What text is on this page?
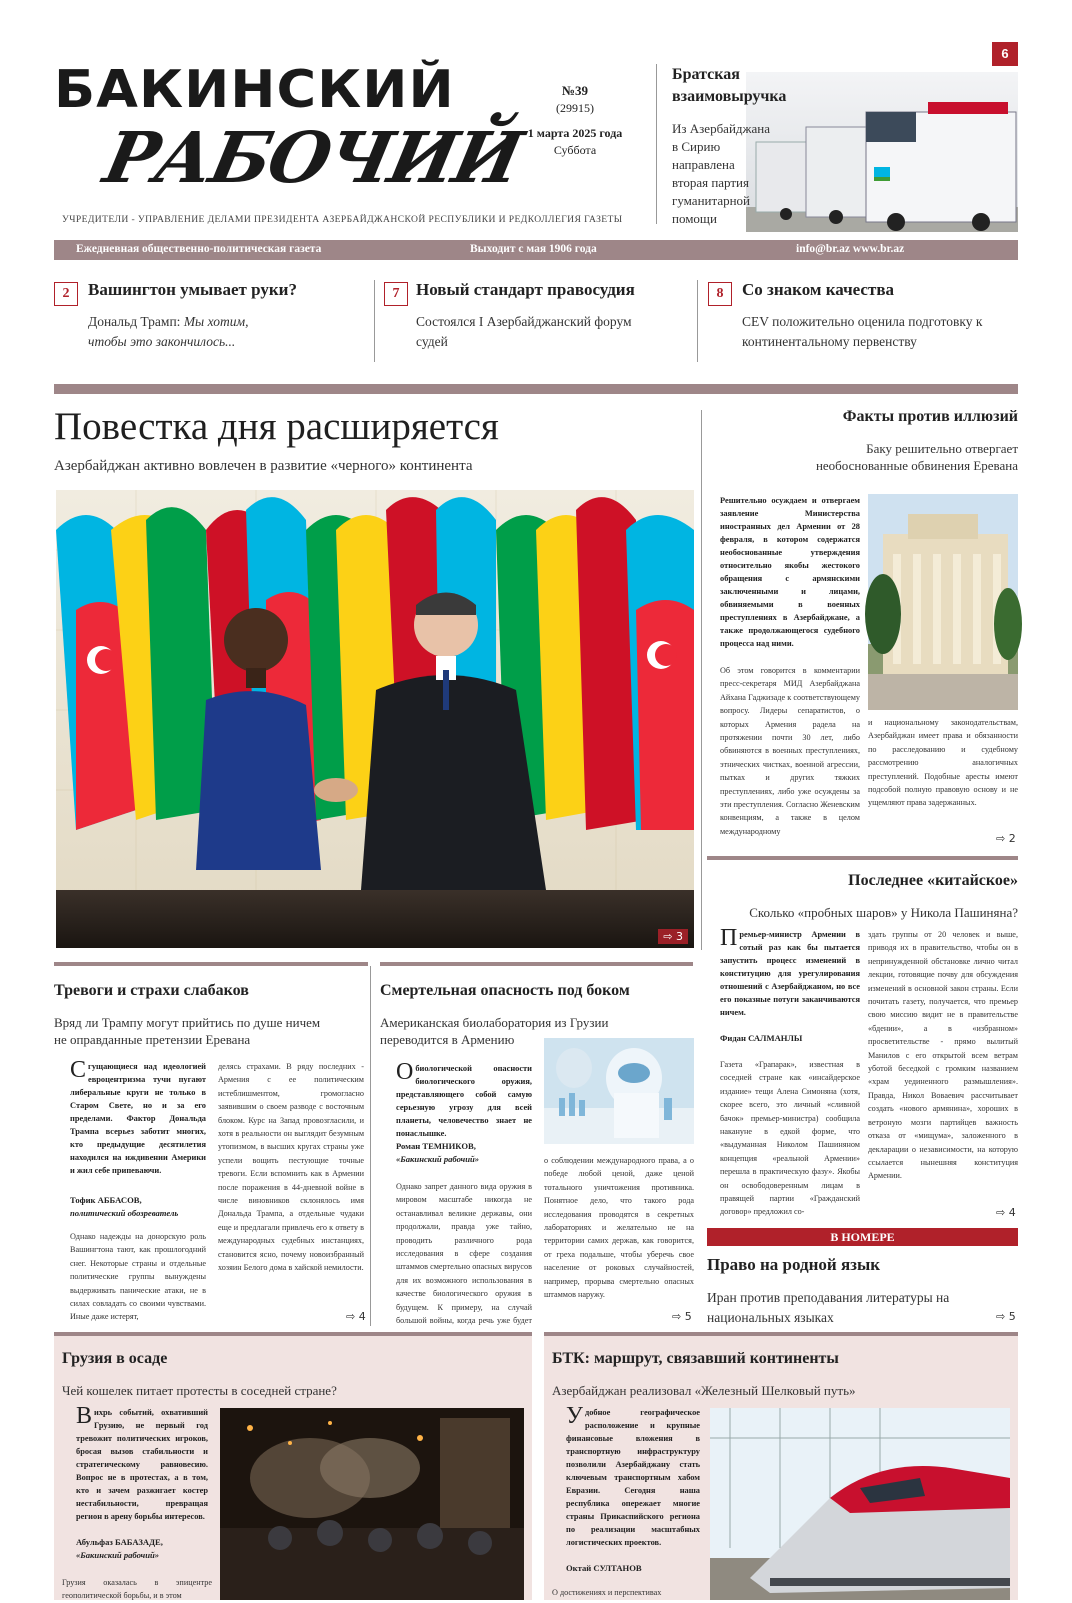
БАКИНСКИЙ
РАБОЧИЙ
УЧРЕДИТЕЛИ - УПРАВЛЕНИЕ ДЕЛАМИ ПРЕЗИДЕНТА АЗЕРБАЙДЖАНСКОЙ РЕСПУБЛИКИ И РЕДКОЛЛЕГИЯ ГАЗЕТЫ
№39
(29915)
1 марта 2025 года
Суббота
Братская взаимовыручка
Из Азербайджана в Сирию направлена вторая партия гуманитарной помощи
6
Ежедневная общественно-политическая газета	Выходит с мая 1906 года	info@br.az www.br.az
2	Вашингтон умывает руки?
Дональд Трамп: Мы хотим, чтобы это закончилось...
7 Новый стандарт правосудия
Состоялся I Азербайджанский форум судей
8	Со знаком качества
CEV положительно оценила подготовку к континентальному первенству
Повестка дня расширяется
Азербайджан активно вовлечен в развитие «черного» континента
⇨ 3
Факты против иллюзий
Баку решительно отвергает необоснованные обвинения Еревана
Решительно осуждаем и отвергаем заявление Министерства иностранных дел Армении от 28 февраля, в котором содержатся необоснованные утверждения относительно якобы жестокого обращения с армянскими заключенными и лицами, обвиняемыми в военных преступлениях в Азербайджане, а также продолжающегося судебного процесса над ними.
Об этом говорится в комментарии пресс-секретаря МИД Азербайджана Айхана Гаджизаде к соответствующему вопросу. Лидеры сепаратистов, о которых Армения радела на протяжении почти 30 лет, либо обвиняются в военных преступлениях, этнических чистках, военной агрессии, пытках и других тяжких преступлениях, либо уже осуждены за эти преступления. Согласно Женевским конвенциям, а также в целом международному
и национальному законодательствам, Азербайджан имеет права и обязанности по расследованию и судебному рассмотрению аналогичных преступлений. Подобные аресты имеют подсобой полную правовую основу и не ущемляют права задержанных.
⇨ 2
Последнее «китайское»
Сколько «пробных шаров» у Никола Пашиняна?
Премьер-министр Армении в сотый раз как бы пытается запустить процесс изменений в конституцию для урегулирования отношений с Азербайджаном, но все его показные потуги заканчиваются ничем.
Фидан САЛМАНЛЫ
Газета «Грапарак», известная в соседней стране как «инсайдерское издание» тещи Алена Симоняна (хотя, скорее всего, это личный «сливной бачок» премьер-министра) сообщила накануне в едкой форме, что «выдуманная Николом Пашиняном концепция «реальной Армении» перешла в практическую фазу». Якобы он освободоверенным лицам в правящей партии «Гражданский договор» предложил со-
здать группы от 20 человек и выше, приводя их в правительство, чтобы он в непринужденной обстановке лично читал лекции, готовящие почву для обсуждения изменений в основной закон страны. Если почитать газету, получается, что премьер свою миссию видит не в правительстве «бдении», а в «избранном» просветительстве - прямо вылитый Манилов с его открытой всем ветрам уботой беседкой с громким названием «храм уединенного размышления». Правда, Никол Вовaевич рассчитывает создать «нового армянина», хороших в ветроную мозги партийцев важность отказа от «мищума», заложенного в декларации о независимости, на которую ссылается нынешняя конституция Армении.
⇨ 4
В НОМЕРЕ
Право на родной язык
Иран против преподавания литературы на национальных языках	⇨ 5
Тревоги и страхи слабаков
Вряд ли Трампу могут прийтись по душе ничем не оправданные претензии Еревана
Сгущающиеся над идеологией евроцентризма тучи пугают либеральные круги не только в Старом Свете, но и за его пределами. Фактор Дональда Трампа всерьез заботит многих, кто предыдущие десятилетия находился на иждивении Америки и жил себе припеваючи.
Тофик АББАСОВ,
политический обозреватель
Однако надежды на донорскую роль Вашингтона тают, как прошлогодний снег. Некоторые страны и отдельные политические группы вынуждены выдерживать панические атаки, не в силах совладать со своими чувствами. Иные даже истерят,
делясь страхами. В ряду последних - Армения с ее политическим истеблишментом, громогласно заявившим о своем разводе с восточным блоком. Курс на Запад провозгласили, и хотя в реальности он выглядит безумным утопизмом, в высших кругах страны уже успели вощить пестующие точные тревоги. Если вспомнить как в Армении после поражения в 44-дневной войне в числе виновников склонялось имя Дональда Трампа, а отдельные чудаки еще и предлагали привлечь его к ответу в международных судебных инстанциях, становится ясно, почему новоизбранный хозяин Белого дома в хайской немилости.
⇨ 4
Смертельная опасность под боком
Американская биолаборатория из Грузии переводится в Армению
Обиологической опасности биологического оружия, представляющего собой самую серьезную угрозу для всей планеты, человечество знает не понаслышке.
Роман ТЕМНИКОВ,
«Бакинский рабочий»
Однако запрет данного вида оружия в мировом масштабе никогда не останавливал великие державы, они продолжали, правда уже тайно, проводить различного рода исследования в сфере создания штаммов смертельно опасных вирусов для их возможного использования в качестве биологического оружия в будущем. К примеру, на случай большой войны, когда речь уже будет
о соблюдении международного права, а о победе любой ценой, даже ценой тотального уничтожения противника. Понятное дело, что такого рода исследования проводятся в секретных лабораториях и желательно не на территории самих держав, как говорится, от греха подальше, чтобы уберечь свое население от роковых случайностей, например, прорыва смертельно опасных штаммов наружу.
⇨ 5
Грузия в осаде
Чей кошелек питает протесты в соседней стране?
Вихрь событий, охвативший Грузию, не первый год тревожит политических игроков, бросая вызов стабильности и стратегическому равновесию. Вопрос не в протестах, а в том, кто и зачем разжигает костер нестабильности, превращая регион в арену борьбы интересов.
Абульфаз БАБАЗАДЕ,
«Бакинский рабочий»
Грузия оказалась в эпицентре геополитической борьбы, и в этом
БТК: маршрут, связавший континенты
Азербайджан реализовал «Железный Шелковый путь»
Удобное географическое расположение и крупные финансовые вложения в транспортную инфраструктуру позволили Азербайджану стать ключевым транспортным хабом Евразии. Сегодня наша республика опережает многие страны Прикаспийского региона по реализации масштабных логистических проектов.
Октай СУЛТАНОВ
О достижениях и перспективах
